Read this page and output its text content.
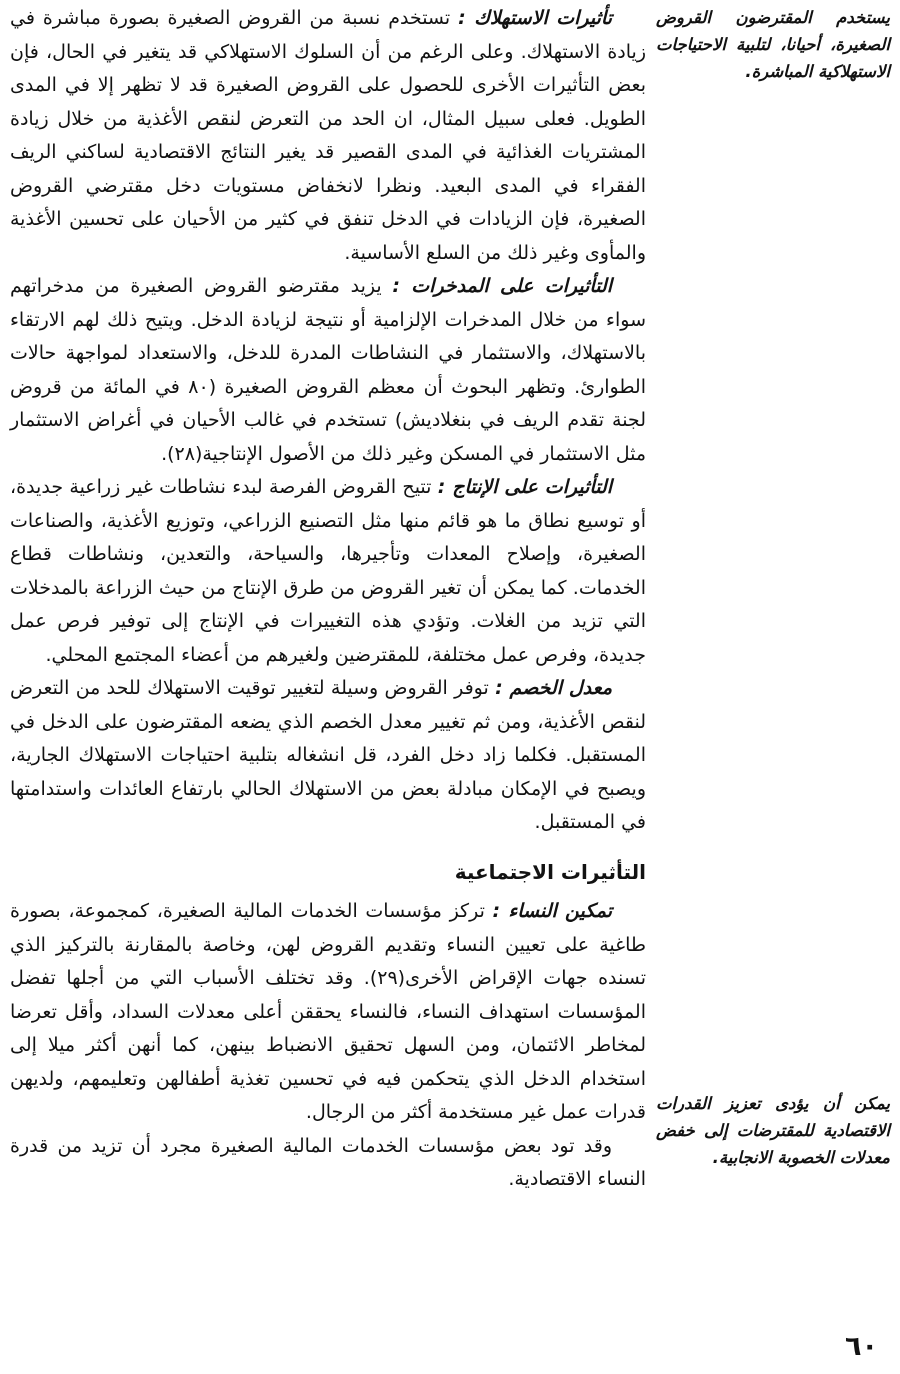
يستخدم المقترضون القروض الصغيرة، أحيانا، لتلبية الاحتياجات الاستهلاكية المباشرة.
يمكن أن يؤدى تعزيز القدرات الاقتصادية للمقترضات إلى خفض معدلات الخصوبة الانجابية.

تأثيرات الاستهلاك : تستخدم نسبة من القروض الصغيرة بصورة مباشرة في زيادة الاستهلاك. وعلى الرغم من أن السلوك الاستهلاكي قد يتغير في الحال، فإن بعض التأثيرات الأخرى للحصول على القروض الصغيرة قد لا تظهر إلا في المدى الطويل. فعلى سبيل المثال، ان الحد من التعرض لنقص الأغذية من خلال زيادة المشتريات الغذائية في المدى القصير قد يغير النتائج الاقتصادية لساكني الريف الفقراء في المدى البعيد. ونظرا لانخفاض مستويات دخل مقترضي القروض الصغيرة، فإن الزيادات في الدخل تنفق في كثير من الأحيان على تحسين الأغذية والمأوى وغير ذلك من السلع الأساسية.

التأثيرات على المدخرات : يزيد مقترضو القروض الصغيرة من مدخراتهم سواء من خلال المدخرات الإلزامية أو نتيجة لزيادة الدخل. ويتيح ذلك لهم الارتقاء بالاستهلاك، والاستثمار في النشاطات المدرة للدخل، والاستعداد لمواجهة حالات الطوارئ. وتظهر البحوث أن معظم القروض الصغيرة (٨٠ في المائة من قروض لجنة تقدم الريف في بنغلاديش) تستخدم في غالب الأحيان في أغراض الاستثمار مثل الاستثمار في المسكن وغير ذلك من الأصول الإنتاجية(٢٨).

التأثيرات على الإنتاج : تتيح القروض الفرصة لبدء نشاطات غير زراعية جديدة، أو توسيع نطاق ما هو قائم منها مثل التصنيع الزراعي، وتوزيع الأغذية، والصناعات الصغيرة، وإصلاح المعدات وتأجيرها، والسياحة، والتعدين، ونشاطات قطاع الخدمات. كما يمكن أن تغير القروض من طرق الإنتاج من حيث الزراعة بالمدخلات التي تزيد من الغلات. وتؤدي هذه التغييرات في الإنتاج إلى توفير فرص عمل جديدة، وفرص عمل مختلفة، للمقترضين ولغيرهم من أعضاء المجتمع المحلي.

معدل الخصم : توفر القروض وسيلة لتغيير توقيت الاستهلاك للحد من التعرض لنقص الأغذية، ومن ثم تغيير معدل الخصم الذي يضعه المقترضون على الدخل في المستقبل. فكلما زاد دخل الفرد، قل انشغاله بتلبية احتياجات الاستهلاك الجارية، ويصبح في الإمكان مبادلة بعض من الاستهلاك الحالي بارتفاع العائدات واستدامتها في المستقبل.

التأثيرات الاجتماعية

تمكين النساء : تركز مؤسسات الخدمات المالية الصغيرة، كمجموعة، بصورة طاغية على تعيين النساء وتقديم القروض لهن، وخاصة بالمقارنة بالتركيز الذي تسنده جهات الإقراض الأخرى(٢٩). وقد تختلف الأسباب التي من أجلها تفضل المؤسسات استهداف النساء، فالنساء يحققن أعلى معدلات السداد، وأقل تعرضا لمخاطر الائتمان، ومن السهل تحقيق الانضباط بينهن، كما أنهن أكثر ميلا إلى استخدام الدخل الذي يتحكمن فيه في تحسين تغذية أطفالهن وتعليمهم، ولديهن قدرات عمل غير مستخدمة أكثر من الرجال.

وقد تود بعض مؤسسات الخدمات المالية الصغيرة مجرد أن تزيد من قدرة النساء الاقتصادية.

٦٠
